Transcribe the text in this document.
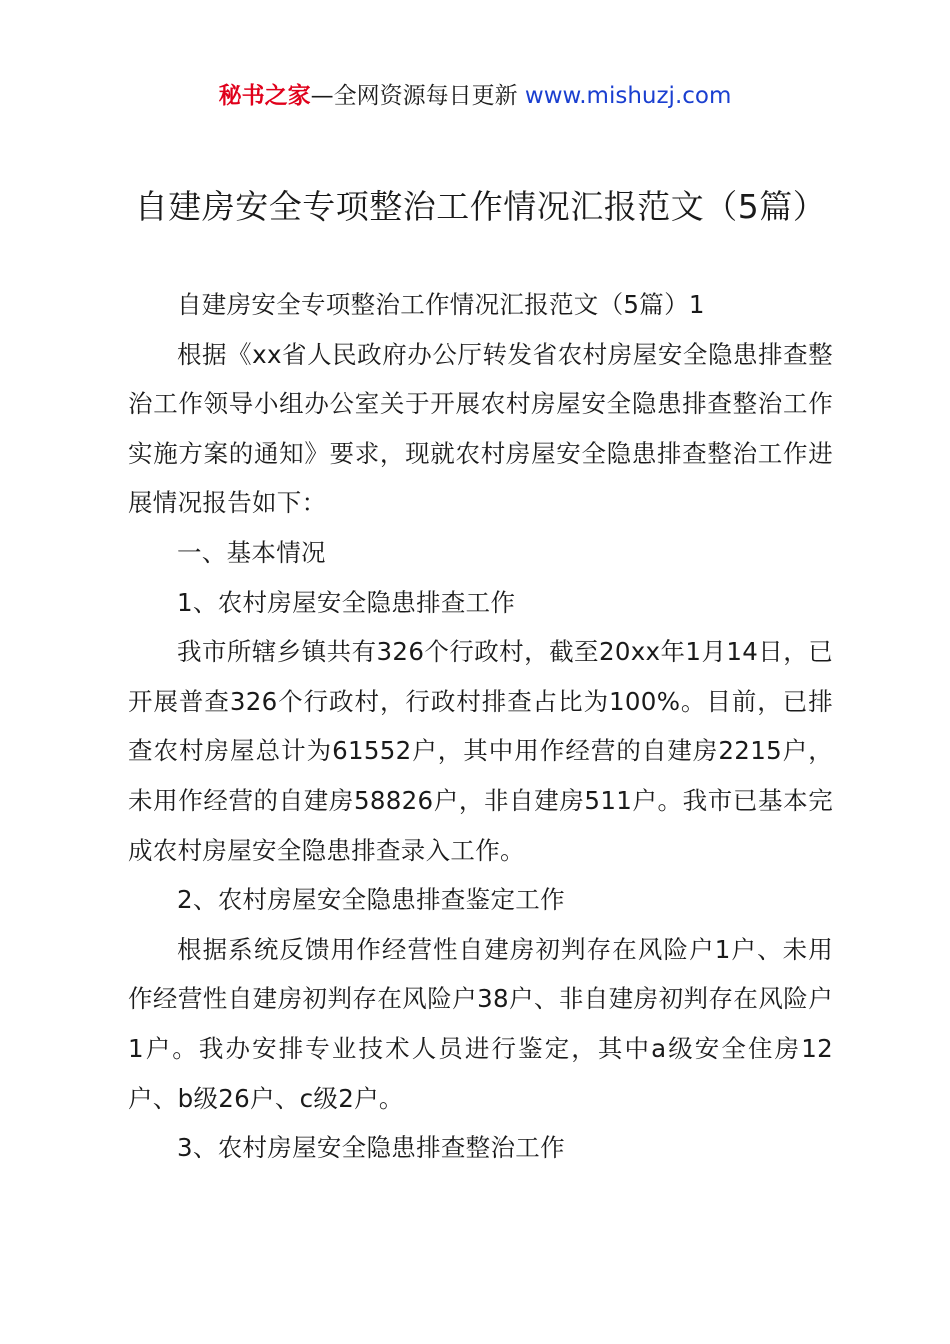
秘书之家—全网资源每日更新 www.mishuzj.com
自建房安全专项整治工作情况汇报范文（5篇）

自建房安全专项整治工作情况汇报范文（5篇）1

根据《xx省人民政府办公厅转发省农村房屋安全隐患排查整治工作领导小组办公室关于开展农村房屋安全隐患排查整治工作实施方案的通知》要求，现就农村房屋安全隐患排查整治工作进展情况报告如下：

一、基本情况

1、农村房屋安全隐患排查工作

我市所辖乡镇共有326个行政村，截至20xx年1月14日，已开展普查326个行政村，行政村排查占比为100%。目前，已排查农村房屋总计为61552户，其中用作经营的自建房2215户，未用作经营的自建房58826户，非自建房511户。我市已基本完成农村房屋安全隐患排查录入工作。

2、农村房屋安全隐患排查鉴定工作

根据系统反馈用作经营性自建房初判存在风险户1户、未用作经营性自建房初判存在风险户38户、非自建房初判存在风险户1户。我办安排专业技术人员进行鉴定，其中a级安全住房12户、b级26户、c级2户。

3、农村房屋安全隐患排查整治工作
